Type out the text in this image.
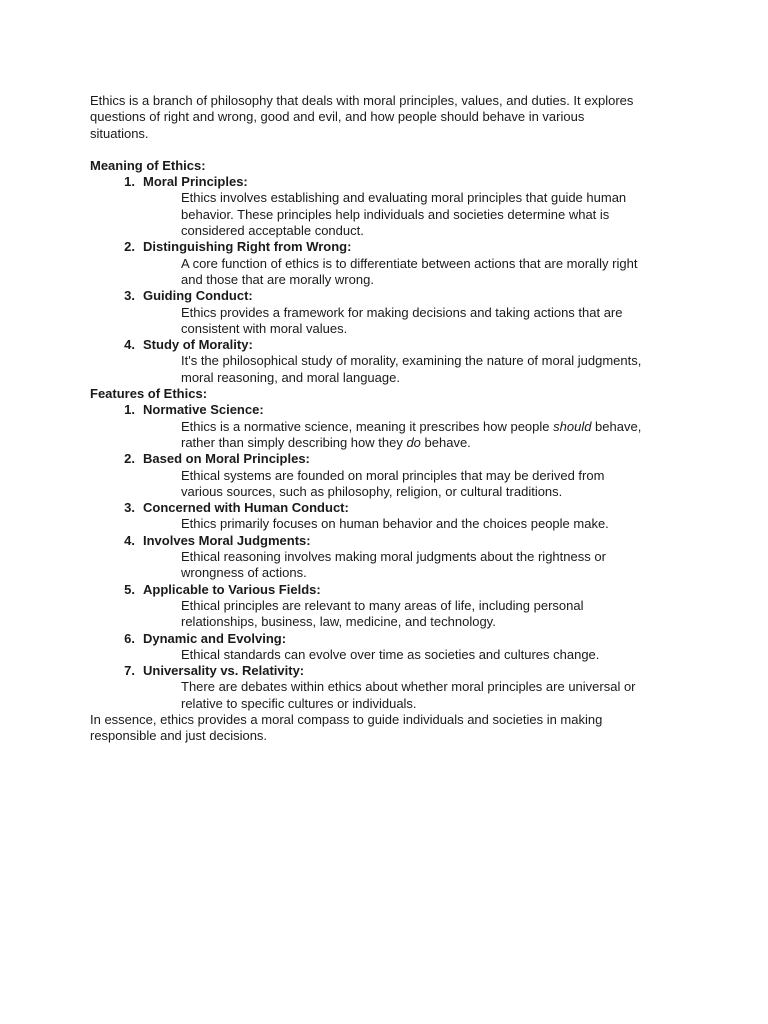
Ethics is a branch of philosophy that deals with moral principles, values, and duties. It explores
questions of right and wrong, good and evil, and how people should behave in various
situations.
Meaning of Ethics:
1. Moral Principles:
Ethics involves establishing and evaluating moral principles that guide human
behavior. These principles help individuals and societies determine what is
considered acceptable conduct.
2. Distinguishing Right from Wrong:
A core function of ethics is to differentiate between actions that are morally right
and those that are morally wrong.
3. Guiding Conduct:
Ethics provides a framework for making decisions and taking actions that are
consistent with moral values.
4. Study of Morality:
It's the philosophical study of morality, examining the nature of moral judgments,
moral reasoning, and moral language.
Features of Ethics:
1. Normative Science:
Ethics is a normative science, meaning it prescribes how people should behave,
rather than simply describing how they do behave.
2. Based on Moral Principles:
Ethical systems are founded on moral principles that may be derived from
various sources, such as philosophy, religion, or cultural traditions.
3. Concerned with Human Conduct:
Ethics primarily focuses on human behavior and the choices people make.
4. Involves Moral Judgments:
Ethical reasoning involves making moral judgments about the rightness or
wrongness of actions.
5. Applicable to Various Fields:
Ethical principles are relevant to many areas of life, including personal
relationships, business, law, medicine, and technology.
6. Dynamic and Evolving:
Ethical standards can evolve over time as societies and cultures change.
7. Universality vs. Relativity:
There are debates within ethics about whether moral principles are universal or
relative to specific cultures or individuals.
In essence, ethics provides a moral compass to guide individuals and societies in making
responsible and just decisions.
